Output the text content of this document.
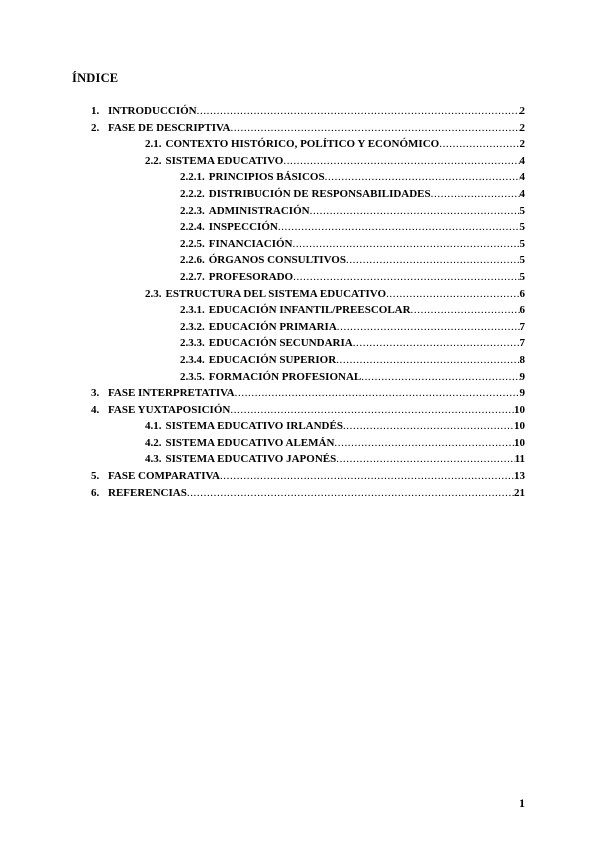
ÍNDICE
1. INTRODUCCIÓN .....	2
2. FASE DE DESCRIPTIVA .....	2
2.1. CONTEXTO HISTÓRICO, POLÍTICO Y ECONÓMICO .....	2
2.2. SISTEMA EDUCATIVO .....	4
2.2.1. PRINCIPIOS BÁSICOS .....	4
2.2.2. DISTRIBUCIÓN DE RESPONSABILIDADES .....	4
2.2.3. ADMINISTRACIÓN .....	5
2.2.4. INSPECCIÓN .....	5
2.2.5. FINANCIACIÓN .....	5
2.2.6. ÓRGANOS CONSULTIVOS .....	5
2.2.7. PROFESORADO .....	5
2.3. ESTRUCTURA DEL SISTEMA EDUCATIVO .....	6
2.3.1. EDUCACIÓN INFANTIL/PREESCOLAR .....	6
2.3.2. EDUCACIÓN PRIMARIA .....	7
2.3.3. EDUCACIÓN SECUNDARIA .....	7
2.3.4. EDUCACIÓN SUPERIOR .....	8
2.3.5. FORMACIÓN PROFESIONAL .....	9
3. FASE INTERPRETATIVA .....	9
4. FASE YUXTAPOSICIÓN .....	10
4.1. SISTEMA EDUCATIVO IRLANDÉS .....	10
4.2. SISTEMA EDUCATIVO ALEMÁN .....	10
4.3. SISTEMA EDUCATIVO JAPONÉS .....	11
5. FASE COMPARATIVA .....	13
6. REFERENCIAS .....	21
1
